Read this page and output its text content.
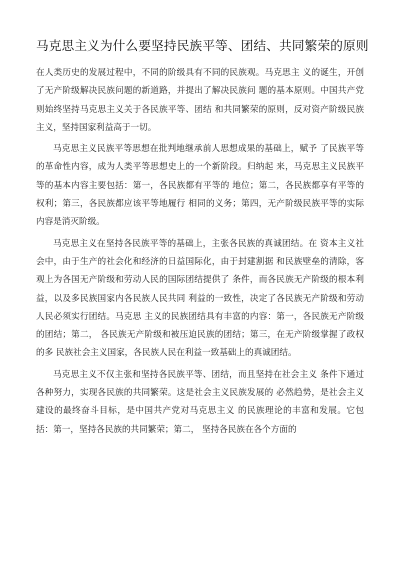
马克思主义为什么要坚持民族平等、团结、共同繁荣的原则

在人类历史的发展过程中，不同的阶级具有不同的民族观。马克思主 义的诞生，开创了无产阶级解决民族问题的新道路，并提出了解决民族问 题的基本原则。中国共产党则始终坚持马克思主义关于各民族平等、团结 和共同繁荣的原则，反对资产阶级民族主义，坚持国家利益高于一切。

马克思主义民族平等思想在批判地继承前人思想成果的基础上，赋予 了民族平等的革命性内容，成为人类平等思想史上的一个新阶段。归纳起 来，马克思主义民族平等的基本内容主要包括：第一，各民族都有平等的 地位；第二，各民族都享有平等的权利；第三，各民族都应该平等地履行 相同的义务；第四，无产阶级民族平等的实际内容是消灭阶级。

马克思主义在坚持各民族平等的基础上，主张各民族的真诚团结。在 资本主义社会中，由于生产的社会化和经济的日益国际化，由于封建割据 和民族壁垒的清除，客观上为各国无产阶级和劳动人民的国际团结提供了 条件，而各民族无产阶级的根本利益，以及多民族国家内各民族人民共同 利益的一致性，决定了各民族无产阶级和劳动人民必须实行团结。马克思 主义的民族团结具有丰富的内容：第一，各民族无产阶级的团结；第二， 各民族无产阶级和被压迫民族的团结；第三，在无产阶级掌握了政权的多 民族社会主义国家，各民族人民在利益一致基础上的真诚团结。

马克思主义不仅主张和坚持各民族平等、团结，而且坚持在社会主义 条件下通过各种努力，实现各民族的共同繁荣。这是社会主义民族发展的 必然趋势，是社会主义建设的最终奋斗目标，是中国共产党对马克思主义 的民族理论的丰富和发展。它包括：第一，坚持各民族的共同繁荣；第二， 坚持各民族在各个方面的
